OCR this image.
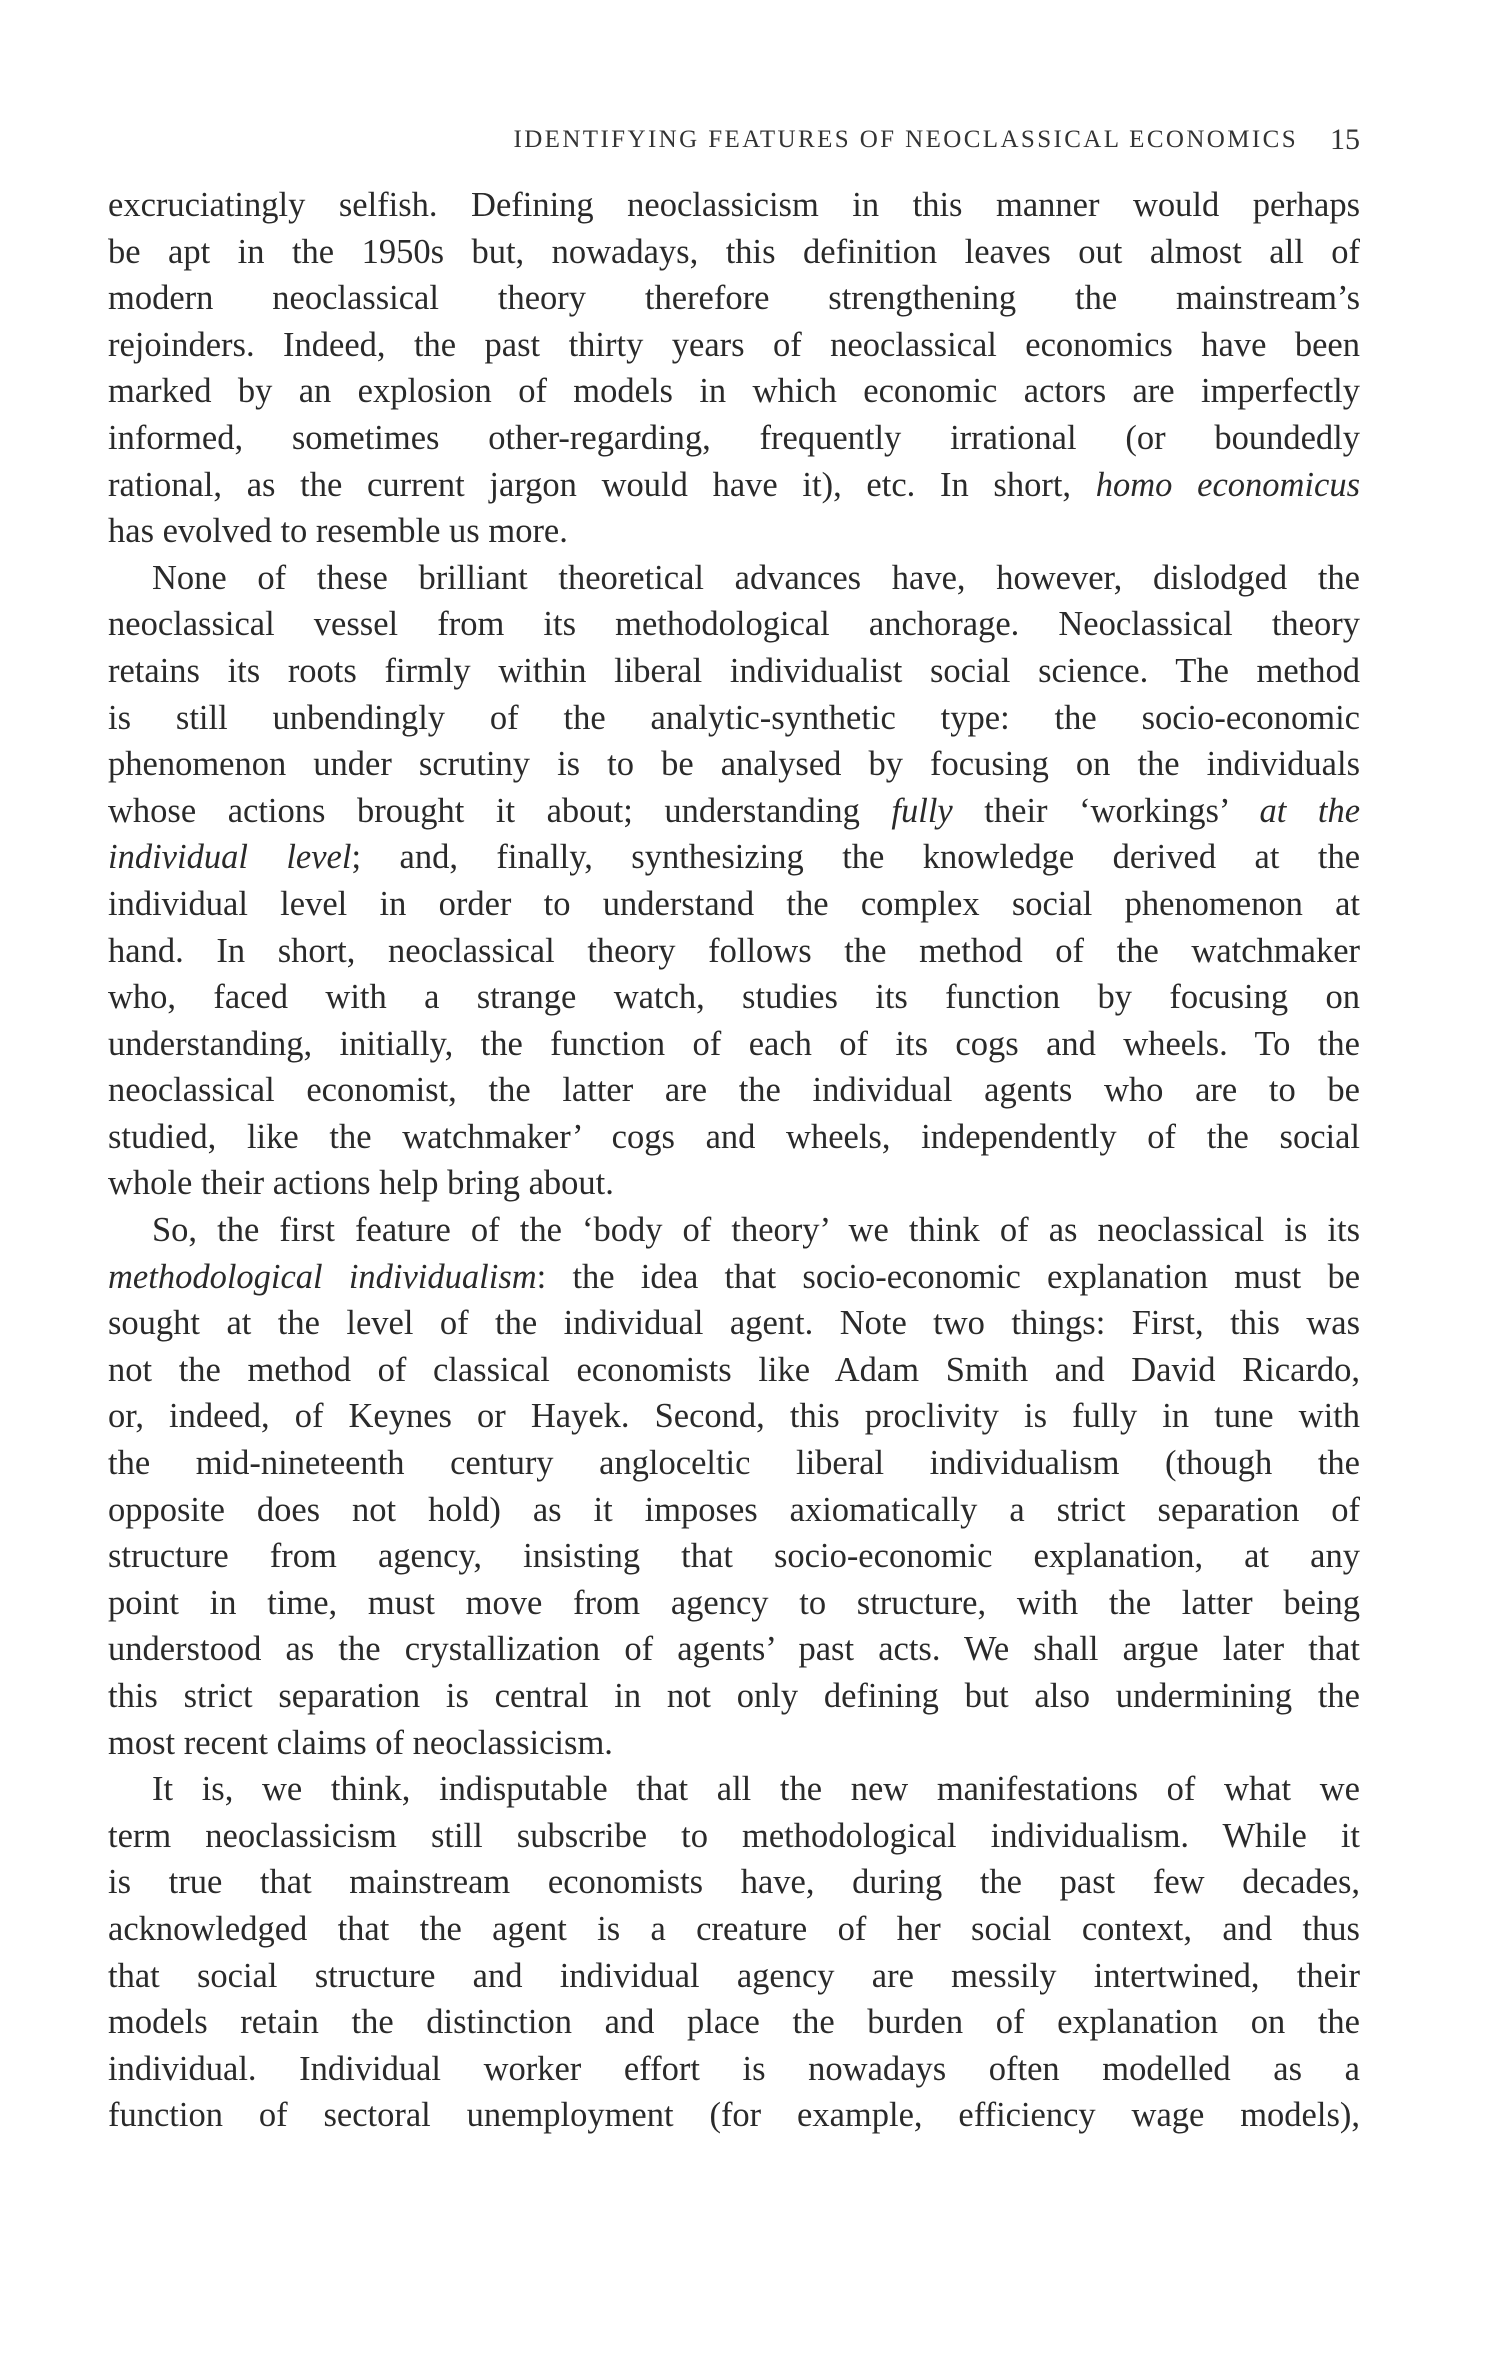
IDENTIFYING FEATURES OF NEOCLASSICAL ECONOMICS 15
excruciatingly selfish. Defining neoclassicism in this manner would perhaps
be apt in the 1950s but, nowadays, this definition leaves out almost all of
modern neoclassical theory therefore strengthening the mainstream’s
rejoinders. Indeed, the past thirty years of neoclassical economics have been
marked by an explosion of models in which economic actors are imperfectly
informed, sometimes other-regarding, frequently irrational (or boundedly
rational, as the current jargon would have it), etc. In short, homo economicus
has evolved to resemble us more.
None of these brilliant theoretical advances have, however, dislodged the
neoclassical vessel from its methodological anchorage. Neoclassical theory
retains its roots firmly within liberal individualist social science. The method
is still unbendingly of the analytic-synthetic type: the socio-economic
phenomenon under scrutiny is to be analysed by focusing on the individuals
whose actions brought it about; understanding fully their ‘workings’ at the
individual level; and, finally, synthesizing the knowledge derived at the
individual level in order to understand the complex social phenomenon at
hand. In short, neoclassical theory follows the method of the watchmaker
who, faced with a strange watch, studies its function by focusing on
understanding, initially, the function of each of its cogs and wheels. To the
neoclassical economist, the latter are the individual agents who are to be
studied, like the watchmaker’ cogs and wheels, independently of the social
whole their actions help bring about.
So, the first feature of the ‘body of theory’ we think of as neoclassical is its
methodological individualism: the idea that socio-economic explanation must be
sought at the level of the individual agent. Note two things: First, this was
not the method of classical economists like Adam Smith and David Ricardo,
or, indeed, of Keynes or Hayek. Second, this proclivity is fully in tune with
the mid-nineteenth century angloceltic liberal individualism (though the
opposite does not hold) as it imposes axiomatically a strict separation of
structure from agency, insisting that socio-economic explanation, at any
point in time, must move from agency to structure, with the latter being
understood as the crystallization of agents’ past acts. We shall argue later that
this strict separation is central in not only defining but also undermining the
most recent claims of neoclassicism.
It is, we think, indisputable that all the new manifestations of what we
term neoclassicism still subscribe to methodological individualism. While it
is true that mainstream economists have, during the past few decades,
acknowledged that the agent is a creature of her social context, and thus
that social structure and individual agency are messily intertwined, their
models retain the distinction and place the burden of explanation on the
individual. Individual worker effort is nowadays often modelled as a
function of sectoral unemployment (for example, efficiency wage models),
